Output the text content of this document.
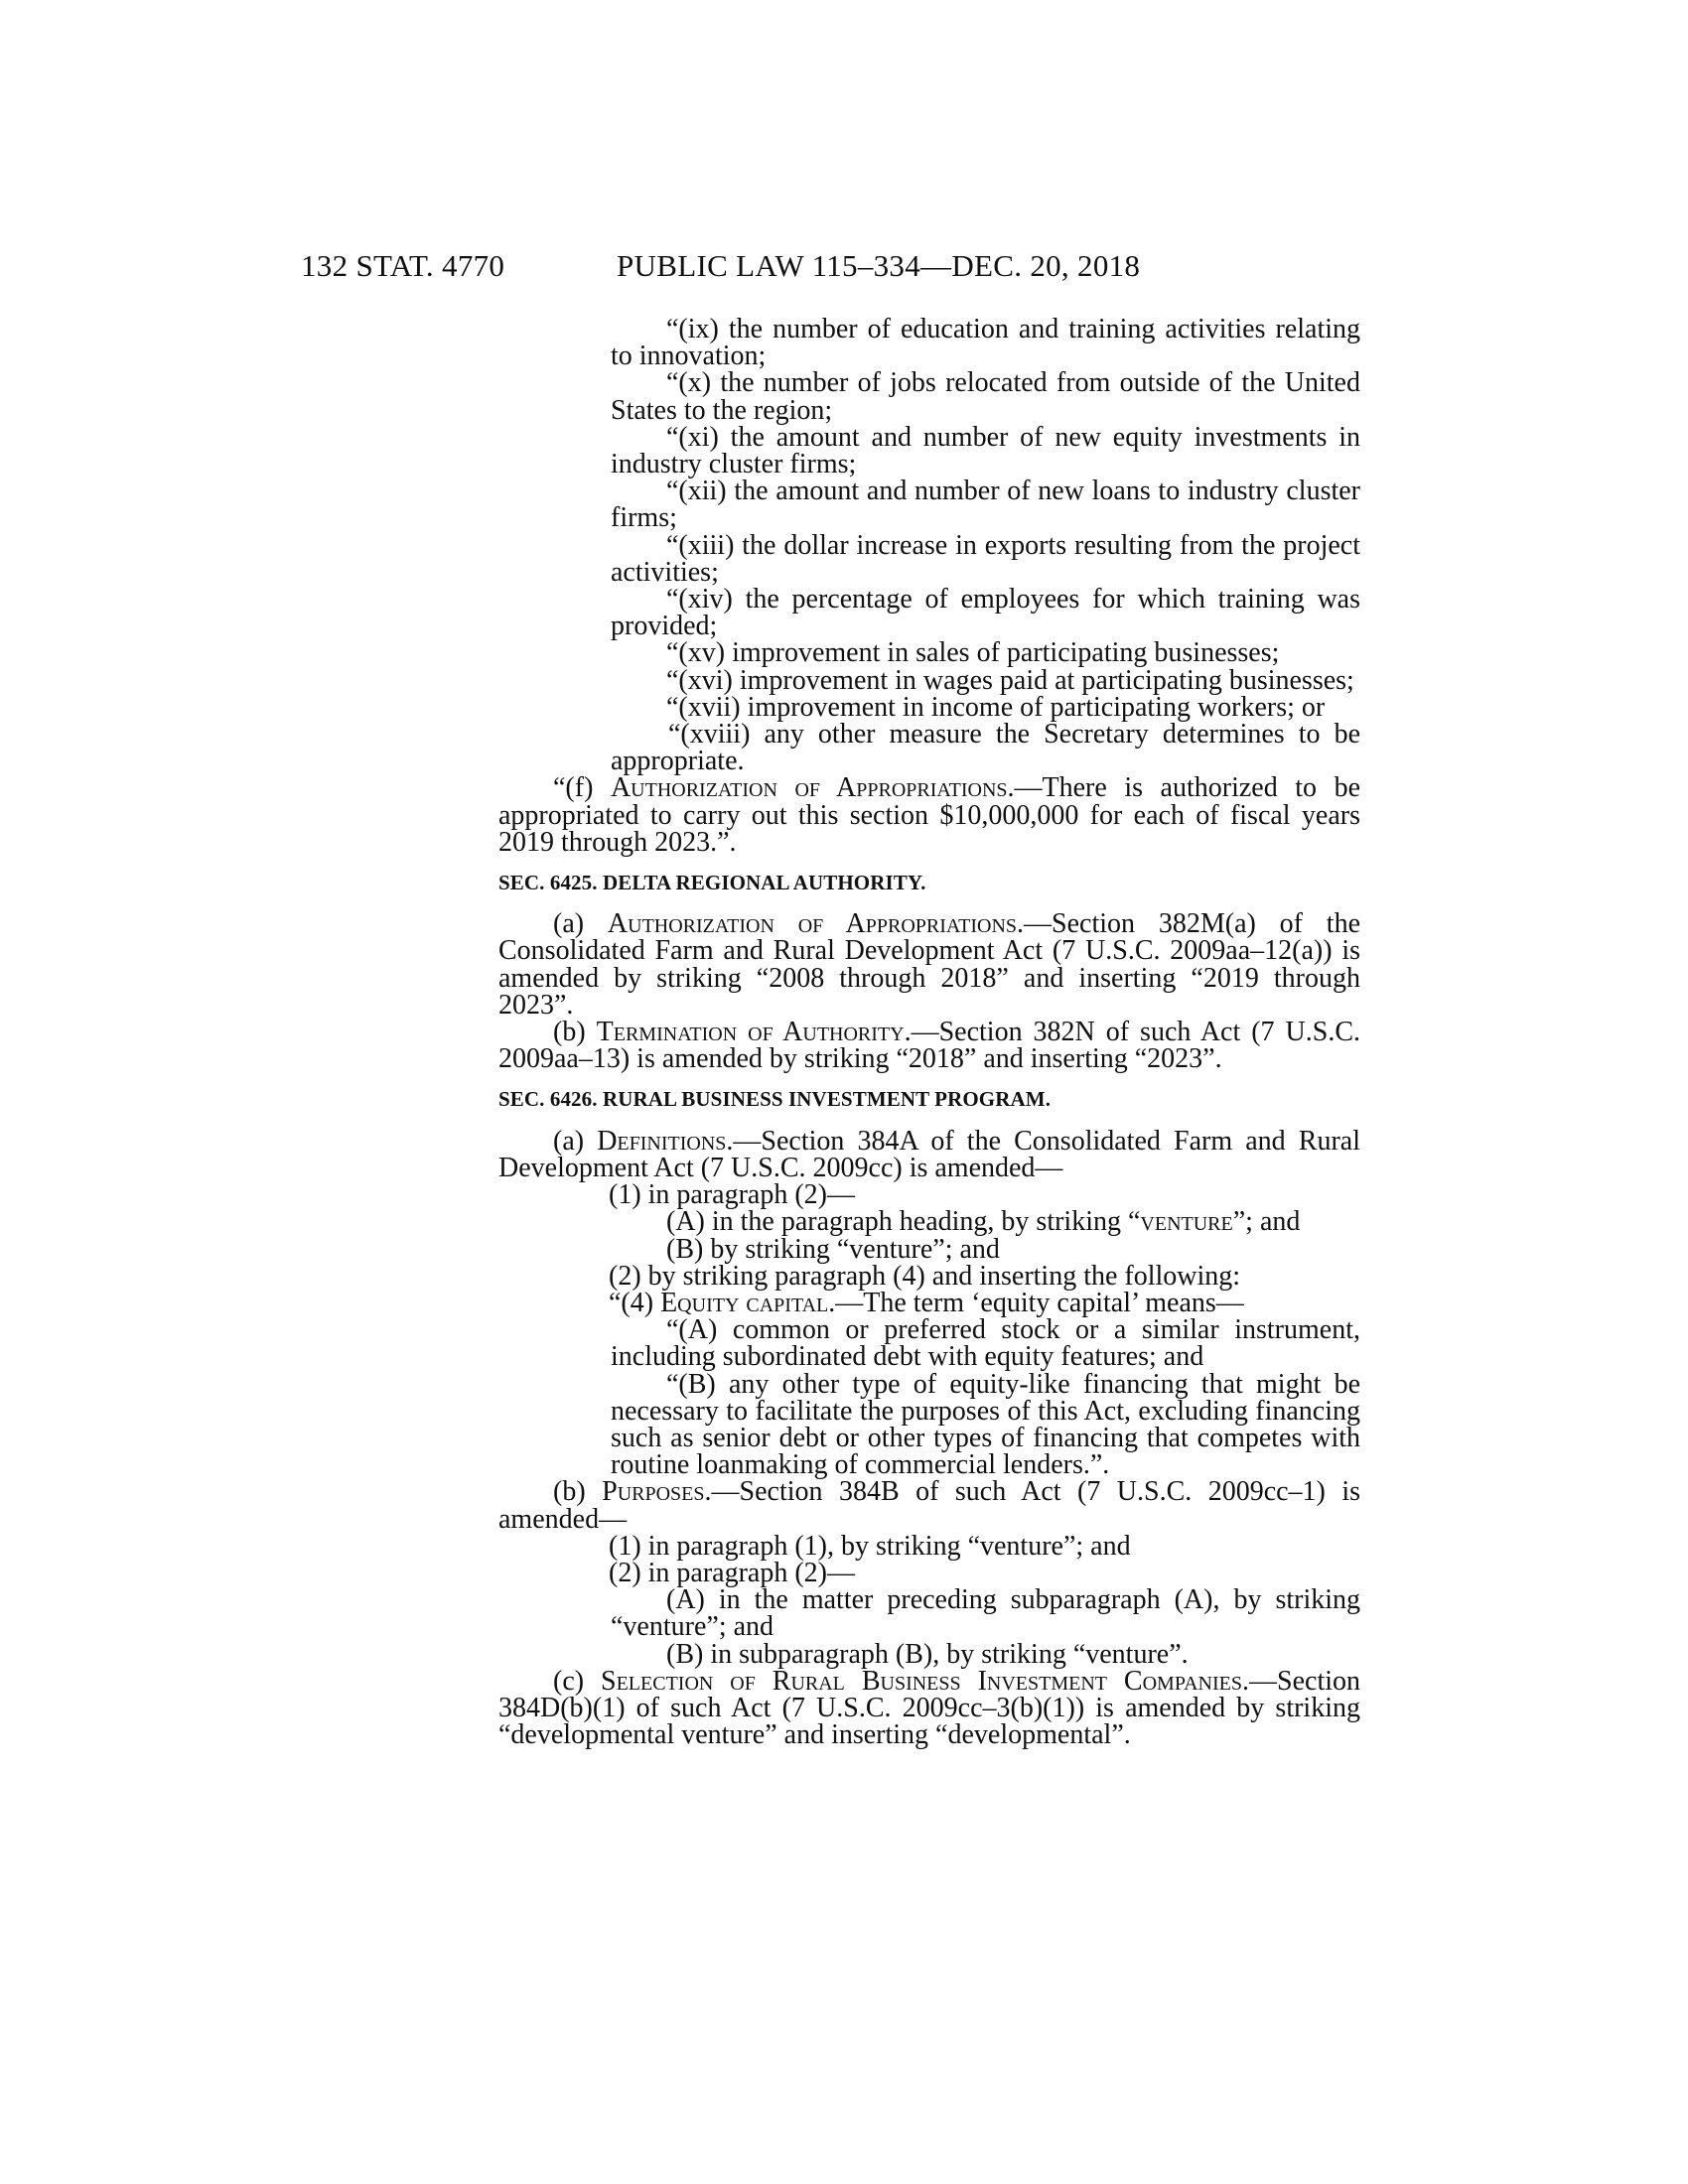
132 STAT. 4770	PUBLIC LAW 115–334—DEC. 20, 2018

“(ix) the number of education and training activities relating to innovation;

“(x) the number of jobs relocated from outside of the United States to the region;

“(xi) the amount and number of new equity investments in industry cluster firms;

“(xii) the amount and number of new loans to industry cluster firms;

“(xiii) the dollar increase in exports resulting from the project activities;

“(xiv) the percentage of employees for which training was provided;

“(xv) improvement in sales of participating businesses;

“(xvi) improvement in wages paid at participating businesses;

“(xvii) improvement in income of participating workers; or

“(xviii) any other measure the Secretary determines to be appropriate.

“(f) Authorization of Appropriations.—There is authorized to be appropriated to carry out this section $10,000,000 for each of fiscal years 2019 through 2023.”.

SEC. 6425. DELTA REGIONAL AUTHORITY.

(a) Authorization of Appropriations.—Section 382M(a) of the Consolidated Farm and Rural Development Act (7 U.S.C. 2009aa–12(a)) is amended by striking “2008 through 2018” and inserting “2019 through 2023”.

(b) Termination of Authority.—Section 382N of such Act (7 U.S.C. 2009aa–13) is amended by striking “2018” and inserting “2023”.

SEC. 6426. RURAL BUSINESS INVESTMENT PROGRAM.

(a) Definitions.—Section 384A of the Consolidated Farm and Rural Development Act (7 U.S.C. 2009cc) is amended—

(1) in paragraph (2)—

(A) in the paragraph heading, by striking “venture”; and

(B) by striking “venture”; and

(2) by striking paragraph (4) and inserting the following:

“(4) Equity capital.—The term ‘equity capital’ means—

“(A) common or preferred stock or a similar instrument, including subordinated debt with equity features; and

“(B) any other type of equity-like financing that might be necessary to facilitate the purposes of this Act, excluding financing such as senior debt or other types of financing that competes with routine loanmaking of commercial lenders.”.

(b) Purposes.—Section 384B of such Act (7 U.S.C. 2009cc–1) is amended—

(1) in paragraph (1), by striking “venture”; and

(2) in paragraph (2)—

(A) in the matter preceding subparagraph (A), by striking “venture”; and

(B) in subparagraph (B), by striking “venture”.

(c) Selection of Rural Business Investment Companies.—Section 384D(b)(1) of such Act (7 U.S.C. 2009cc–3(b)(1)) is amended by striking “developmental venture” and inserting “developmental”.
